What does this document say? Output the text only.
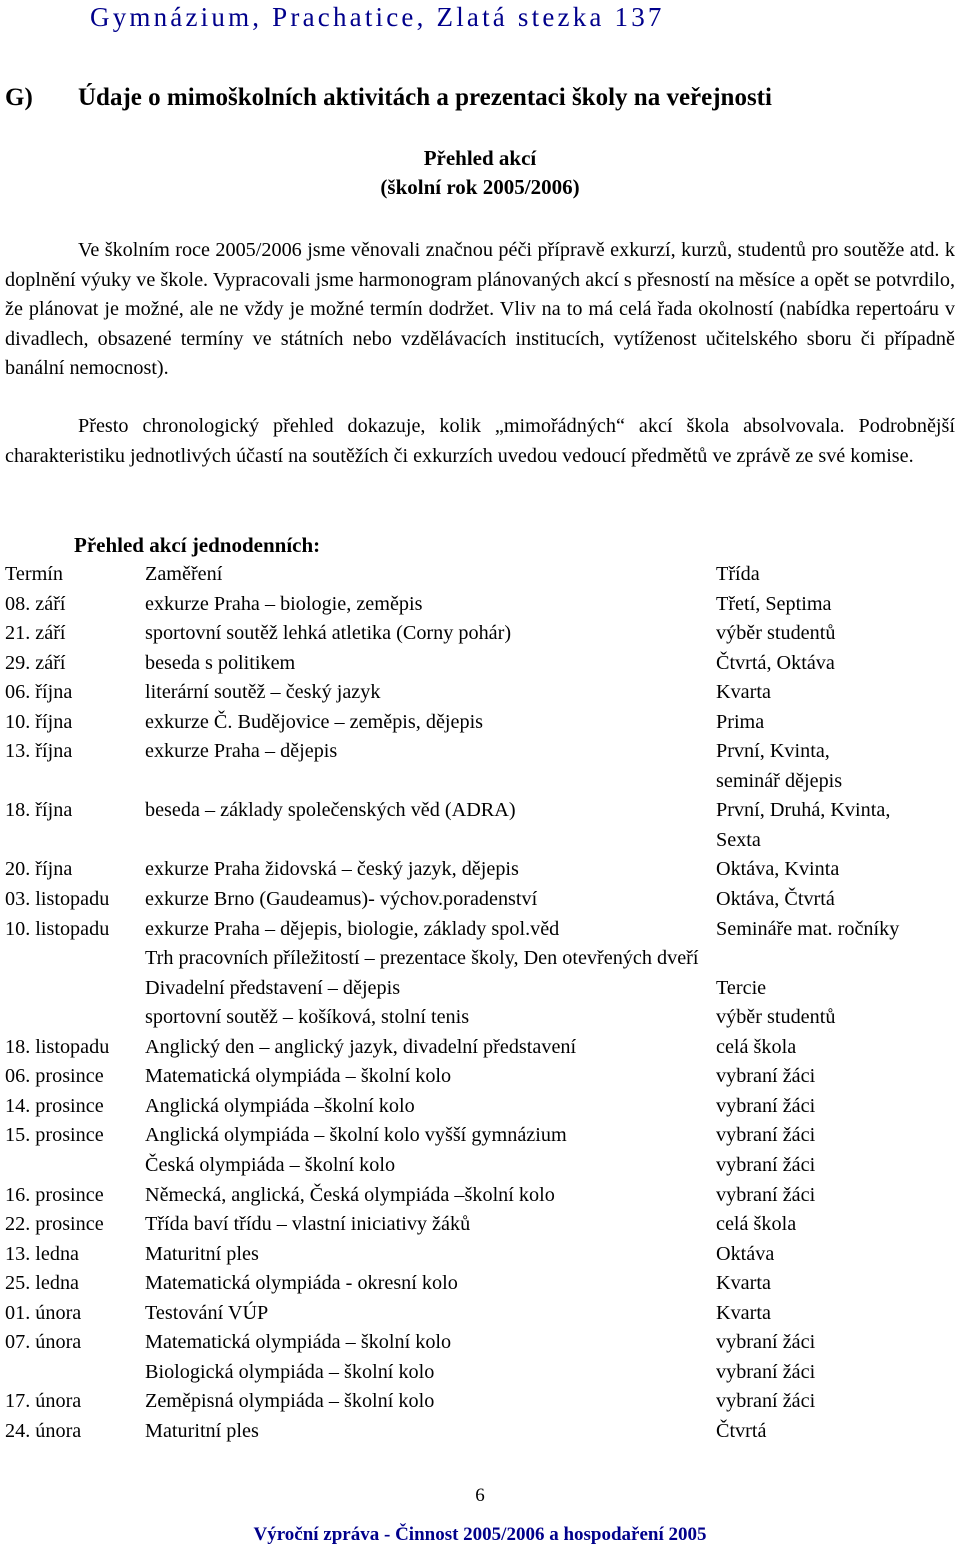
Gymnázium, Prachatice, Zlatá stezka 137
G) Údaje o mimoškolních aktivitách a prezentaci školy na veřejnosti
Přehled akcí
(školní rok 2005/2006)
Ve školním roce 2005/2006 jsme věnovali značnou péči přípravě exkurzí, kurzů, studentů pro soutěže atd. k doplnění výuky ve škole. Vypracovali jsme harmonogram plánovaných akcí s přesností na měsíce a opět se potvrdilo, že plánovat je možné, ale ne vždy je možné termín dodržet. Vliv na to má celá řada okolností (nabídka repertoáru v divadlech, obsazené termíny ve státních nebo vzdělávacích institucích, vytíženost učitelského sboru či případně banální nemocnost).
Přesto chronologický přehled dokazuje, kolik „mimořádných“ akcí škola absolvovala. Podrobnější charakteristiku jednotlivých účastí na soutěžích či exkurzích uvedou vedoucí předmětů ve zprávě ze své komise.
Přehled akcí jednodenních:
Termín	Zaměření	Třída
08. září	exkurze Praha – biologie, zeměpis	Třetí, Septima
21. září	sportovní soutěž lehká atletika (Corny pohár)	výběr studentů
29. září	beseda s politikem	Čtvrtá, Oktáva
06. října	literární soutěž – český jazyk	Kvarta
10. října	exkurze Č. Budějovice – zeměpis, dějepis	Prima
13. října	exkurze Praha – dějepis	První, Kvinta,
seminář dějepis
18. října	beseda – základy společenských věd (ADRA)	První, Druhá, Kvinta,
Sexta
20. října	exkurze Praha židovská – český jazyk, dějepis	Oktáva, Kvinta
03. listopadu exkurze Brno (Gaudeamus)- výchov.poradenství	Oktáva, Čtvrtá
10. listopadu exkurze Praha – dějepis, biologie, základy spol.věd	Semináře mat. ročníky
Trh pracovních příležitostí – prezentace školy, Den otevřených dveří
Divadelní představení – dějepis	Tercie
sportovní soutěž – košíková, stolní tenis	výběr studentů
18. listopadu Anglický den – anglický jazyk, divadelní představení	celá škola
06. prosince Matematická olympiáda – školní kolo	vybraní žáci
14. prosince Anglická olympiáda –školní kolo	vybraní žáci
15. prosince Anglická olympiáda – školní kolo vyšší gymnázium	vybraní žáci
Česká olympiáda – školní kolo	vybraní žáci
16. prosince Německá, anglická, Česká olympiáda –školní kolo	vybraní žáci
22. prosince Třída baví třídu – vlastní iniciativy žáků	celá škola
13. ledna	Maturitní ples	Oktáva
25. ledna	Matematická olympiáda - okresní kolo	Kvarta
01. února	Testování VÚP	Kvarta
07. února	Matematická olympiáda – školní kolo	vybraní žáci
Biologická olympiáda – školní kolo	vybraní žáci
17. února	Zeměpisná olympiáda – školní kolo	vybraní žáci
24. února	Maturitní ples	Čtvrtá
6
Výroční zpráva - Činnost 2005/2006 a hospodaření 2005
